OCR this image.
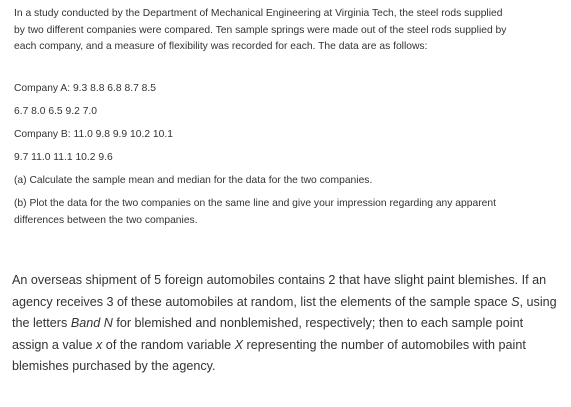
In a study conducted by the Department of Mechanical Engineering at Virginia Tech, the steel rods supplied by two different companies were compared. Ten sample springs were made out of the steel rods supplied by each company, and a measure of flexibility was recorded for each. The data are as follows:

Company A: 9.3 8.8 6.8 8.7 8.5

6.7 8.0 6.5 9.2 7.0

Company B: 11.0 9.8 9.9 10.2 10.1

9.7 11.0 11.1 10.2 9.6

(a) Calculate the sample mean and median for the data for the two companies.

(b) Plot the data for the two companies on the same line and give your impression regarding any apparent differences between the two companies.

An overseas shipment of 5 foreign automobiles contains 2 that have slight paint blemishes. If an agency receives 3 of these automobiles at random, list the elements of the sample space S, using the letters Band N for blemished and nonblemished, respectively; then to each sample point assign a value x of the random variable X representing the number of automobiles with paint blemishes purchased by the agency.
